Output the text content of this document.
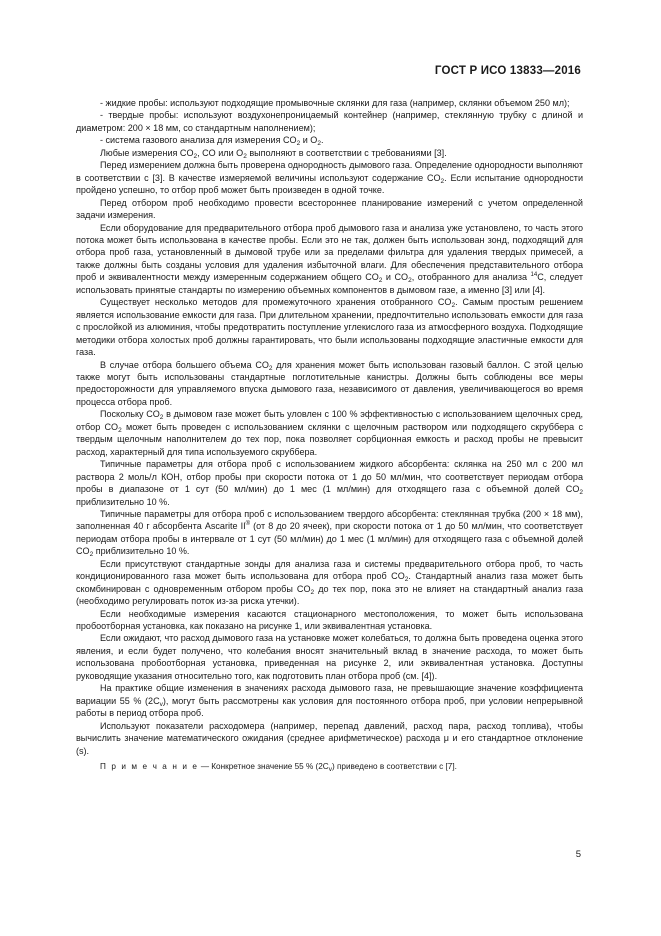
ГОСТ Р ИСО 13833—2016

- жидкие пробы: используют подходящие промывочные склянки для газа (например, склянки объемом 250 мл);

- твердые пробы: используют воздухонепроницаемый контейнер (например, стеклянную трубку с длиной и диаметром: 200 × 18 мм, со стандартным наполнением);

- система газового анализа для измерения $CO_2$ и $O_2$.

Любые измерения $CO_2$, CO или $O_2$ выполняют в соответствии с требованиями [3].

Перед измерением должна быть проверена однородность дымового газа. Определение однородности выполняют в соответствии с [3]. В качестве измеряемой величины используют содержание $CO_2$. Если испытание однородности пройдено успешно, то отбор проб может быть произведен в одной точке.

Перед отбором проб необходимо провести всестороннее планирование измерений с учетом определенной задачи измерения.

Если оборудование для предварительного отбора проб дымового газа и анализа уже установлено, то часть этого потока может быть использована в качестве пробы. Если это не так, должен быть использован зонд, подходящий для отбора проб газа, установленный в дымовой трубе или за пределами фильтра для удаления твердых примесей, а также должны быть созданы условия для удаления избыточной влаги. Для обеспечения представительного отбора проб и эквивалентности между измеренным содержанием общего $CO_2$ и $CO_2$, отобранного для анализа $^{14}$C, следует использовать принятые стандарты по измерению объемных компонентов в дымовом газе, а именно [3] или [4].

Существует несколько методов для промежуточного хранения отобранного $CO_2$. Самым простым решением является использование емкости для газа. При длительном хранении, предпочтительно использовать емкости для газа с прослойкой из алюминия, чтобы предотвратить поступление углекислого газа из атмосферного воздуха. Подходящие методики отбора холостых проб должны гарантировать, что были использованы подходящие эластичные емкости для газа.

В случае отбора большего объема $CO_2$ для хранения может быть использован газовый баллон. С этой целью также могут быть использованы стандартные поглотительные канистры. Должны быть соблюдены все меры предосторожности для управляемого впуска дымового газа, независимого от давления, увеличивающегося во время процесса отбора проб.

Поскольку $CO_2$ в дымовом газе может быть уловлен с 100 % эффективностью с использованием щелочных сред, отбор $CO_2$ может быть проведен с использованием склянки с щелочным раствором или подходящего скруббера с твердым щелочным наполнителем до тех пор, пока позволяет сорбционная емкость и расход пробы не превысит расход, характерный для типа используемого скруббера.

Типичные параметры для отбора проб с использованием жидкого абсорбента: склянка на 250 мл с 200 мл раствора 2 моль/л КОН, отбор пробы при скорости потока от 1 до 50 мл/мин, что соответствует периодам отбора пробы в диапазоне от 1 сут (50 мл/мин) до 1 мес (1 мл/мин) для отходящего газа с объемной долей $CO_2$ приблизительно 10 %.

Типичные параметры для отбора проб с использованием твердого абсорбента: стеклянная трубка (200 × 18 мм), заполненная 40 г абсорбента Ascarite II® (от 8 до 20 ячеек), при скорости потока от 1 до 50 мл/мин, что соответствует периодам отбора пробы в интервале от 1 сут (50 мл/мин) до 1 мес (1 мл/мин) для отходящего газа с объемной долей $CO_2$ приблизительно 10 %.

Если присутствуют стандартные зонды для анализа газа и системы предварительного отбора проб, то часть кондиционированного газа может быть использована для отбора проб $CO_2$. Стандартный анализ газа может быть скомбинирован с одновременным отбором пробы $CO_2$ до тех пор, пока это не влияет на стандартный анализ газа (необходимо регулировать поток из-за риска утечки).

Если необходимые измерения касаются стационарного местоположения, то может быть использована пробоотборная установка, как показано на рисунке 1, или эквивалентная установка.

Если ожидают, что расход дымового газа на установке может колебаться, то должна быть проведена оценка этого явления, и если будет получено, что колебания вносят значительный вклад в значение расхода, то может быть использована пробоотборная установка, приведенная на рисунке 2, или эквивалентная установка. Доступны руководящие указания относительно того, как подготовить план отбора проб (см. [4]).

На практике общие изменения в значениях расхода дымового газа, не превышающие значение коэффициента вариации 55 % $(2C_v)$, могут быть рассмотрены как условия для постоянного отбора проб, при условии непрерывной работы в период отбора проб.

Используют показатели расходомера (например, перепад давлений, расход пара, расход топлива), чтобы вычислить значение математического ожидания (среднее арифметическое) расхода μ и его стандартное отклонение (s).

П р и м е ч а н и е — Конкретное значение 55 % $(2C_v)$ приведено в соответствии с [7].

5
